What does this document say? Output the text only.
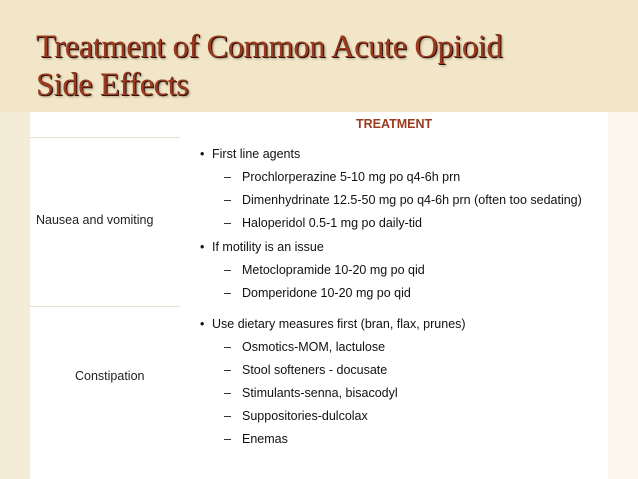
Treatment of Common Acute Opioid
Side Effects
TREATMENT
Nausea and vomiting
• First line agents
– Prochlorperazine 5-10 mg po q4-6h prn
– Dimenhydrinate 12.5-50 mg po q4-6h prn (often too sedating)
– Haloperidol 0.5-1 mg po daily-tid
• If motility is an issue
– Metoclopramide 10-20 mg po qid
– Domperidone 10-20 mg po qid
Constipation
• Use dietary measures first (bran, flax, prunes)
– Osmotics-MOM, lactulose
– Stool softeners - docusate
– Stimulants-senna, bisacodyl
– Suppositories-dulcolax
– Enemas
